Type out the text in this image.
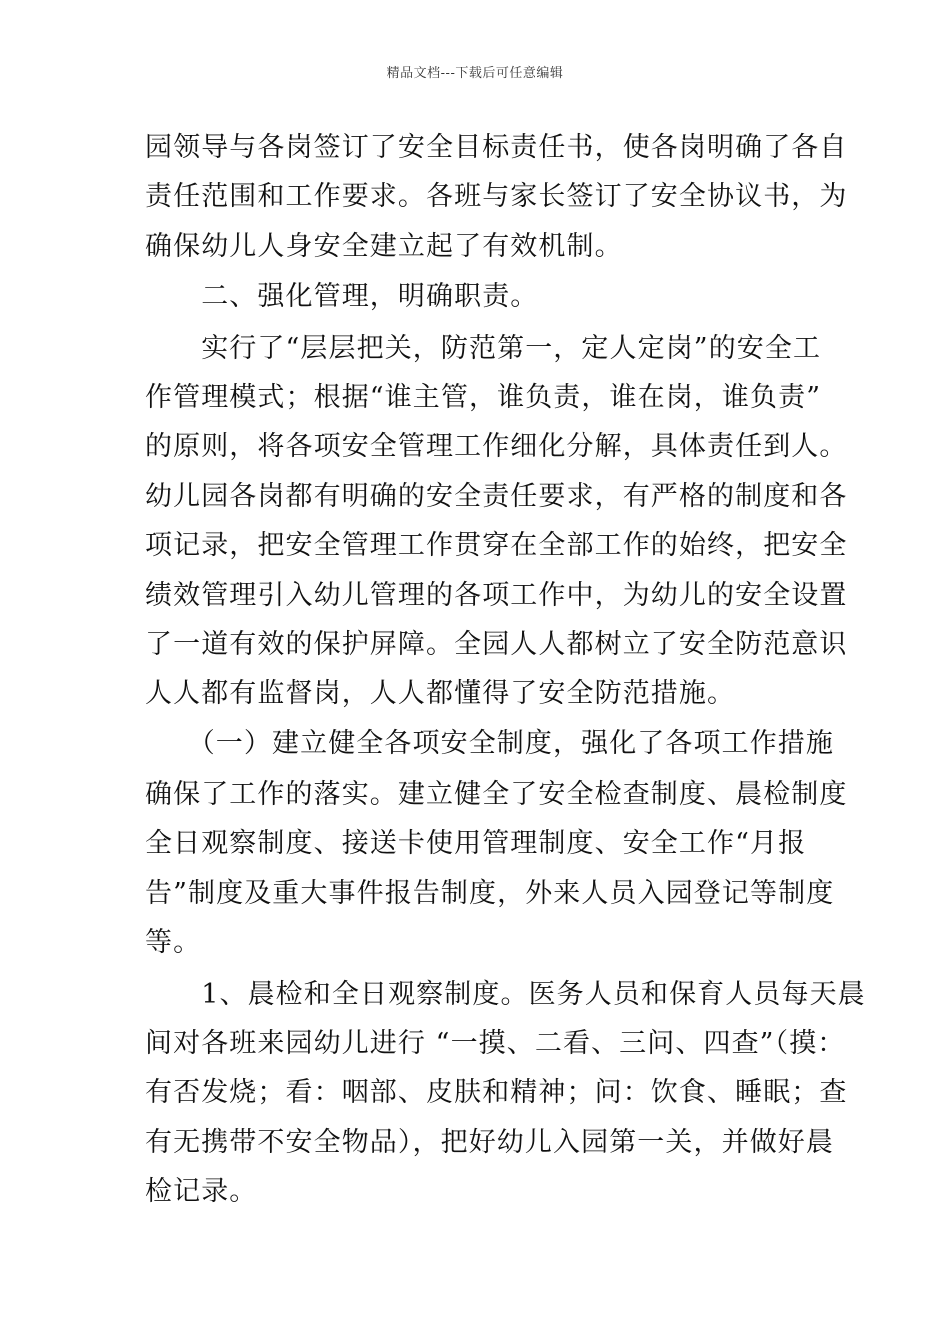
精品文档---下载后可任意编辑
园领导与各岗签订了安全目标责任书，使各岗明确了各自
责任范围和工作要求。各班与家长签订了安全协议书，为
确保幼儿人身安全建立起了有效机制。
　　二、强化管理，明确职责。
　　实行了“层层把关，防范第一，定人定岗”的安全工
作管理模式；根据“谁主管，谁负责，谁在岗，谁负责”
的原则，将各项安全管理工作细化分解，具体责任到人。
幼儿园各岗都有明确的安全责任要求，有严格的制度和各
项记录，把安全管理工作贯穿在全部工作的始终，把安全
绩效管理引入幼儿管理的各项工作中，为幼儿的安全设置
了一道有效的保护屏障。全园人人都树立了安全防范意识
人人都有监督岗，人人都懂得了安全防范措施。
　　（一）建立健全各项安全制度，强化了各项工作措施
确保了工作的落实。建立健全了安全检查制度、晨检制度
全日观察制度、接送卡使用管理制度、安全工作“月报
告”制度及重大事件报告制度，外来人员入园登记等制度
等。
　　1、晨检和全日观察制度。医务人员和保育人员每天晨
间对各班来园幼儿进行 “一摸、二看、三问、四查”（摸：
有否发烧；看：咽部、皮肤和精神；问：饮食、睡眠；查
有无携带不安全物品），把好幼儿入园第一关，并做好晨
检记录。
